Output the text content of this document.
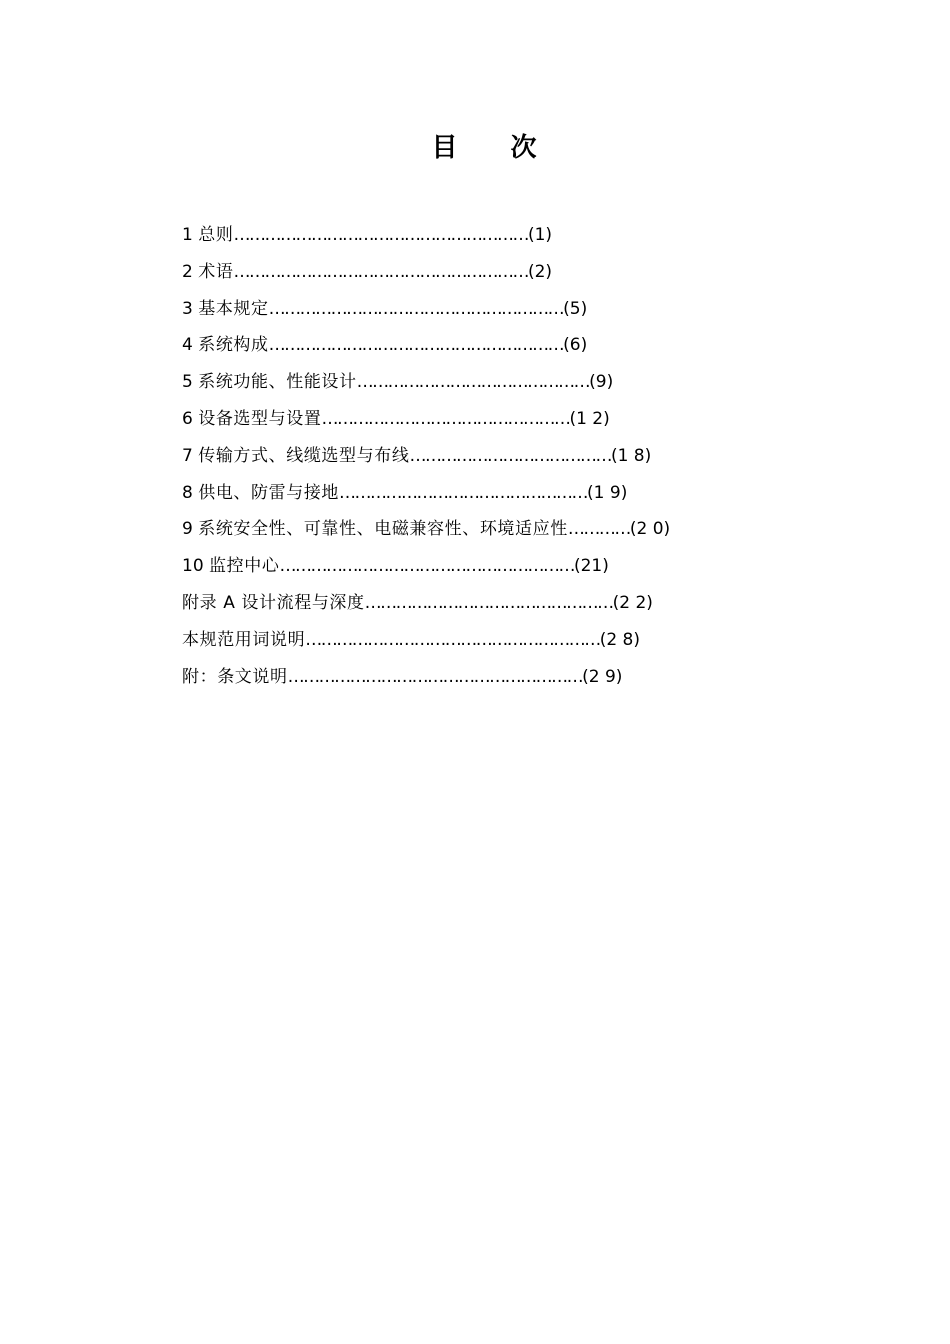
目 次
1 总则…………………………………………………(1)
2 术语…………………………………………………(2)
3 基本规定…………………………………………………(5)
4 系统构成…………………………………………………(6)
5 系统功能、性能设计………………………………………(9)
6 设备选型与设置…………………………………………(1 2)
7 传输方式、线缆选型与布线…………………………………(1 8)
8 供电、防雷与接地…………………………………………(1 9)
9 系统安全性、可靠性、电磁兼容性、环境适应性…………(2 0)
10 监控中心…………………………………………………(21)
附录 A 设计流程与深度…………………………………………(2 2)
本规范用词说明…………………………………………………(2 8)
附：条文说明…………………………………………………(2 9)
